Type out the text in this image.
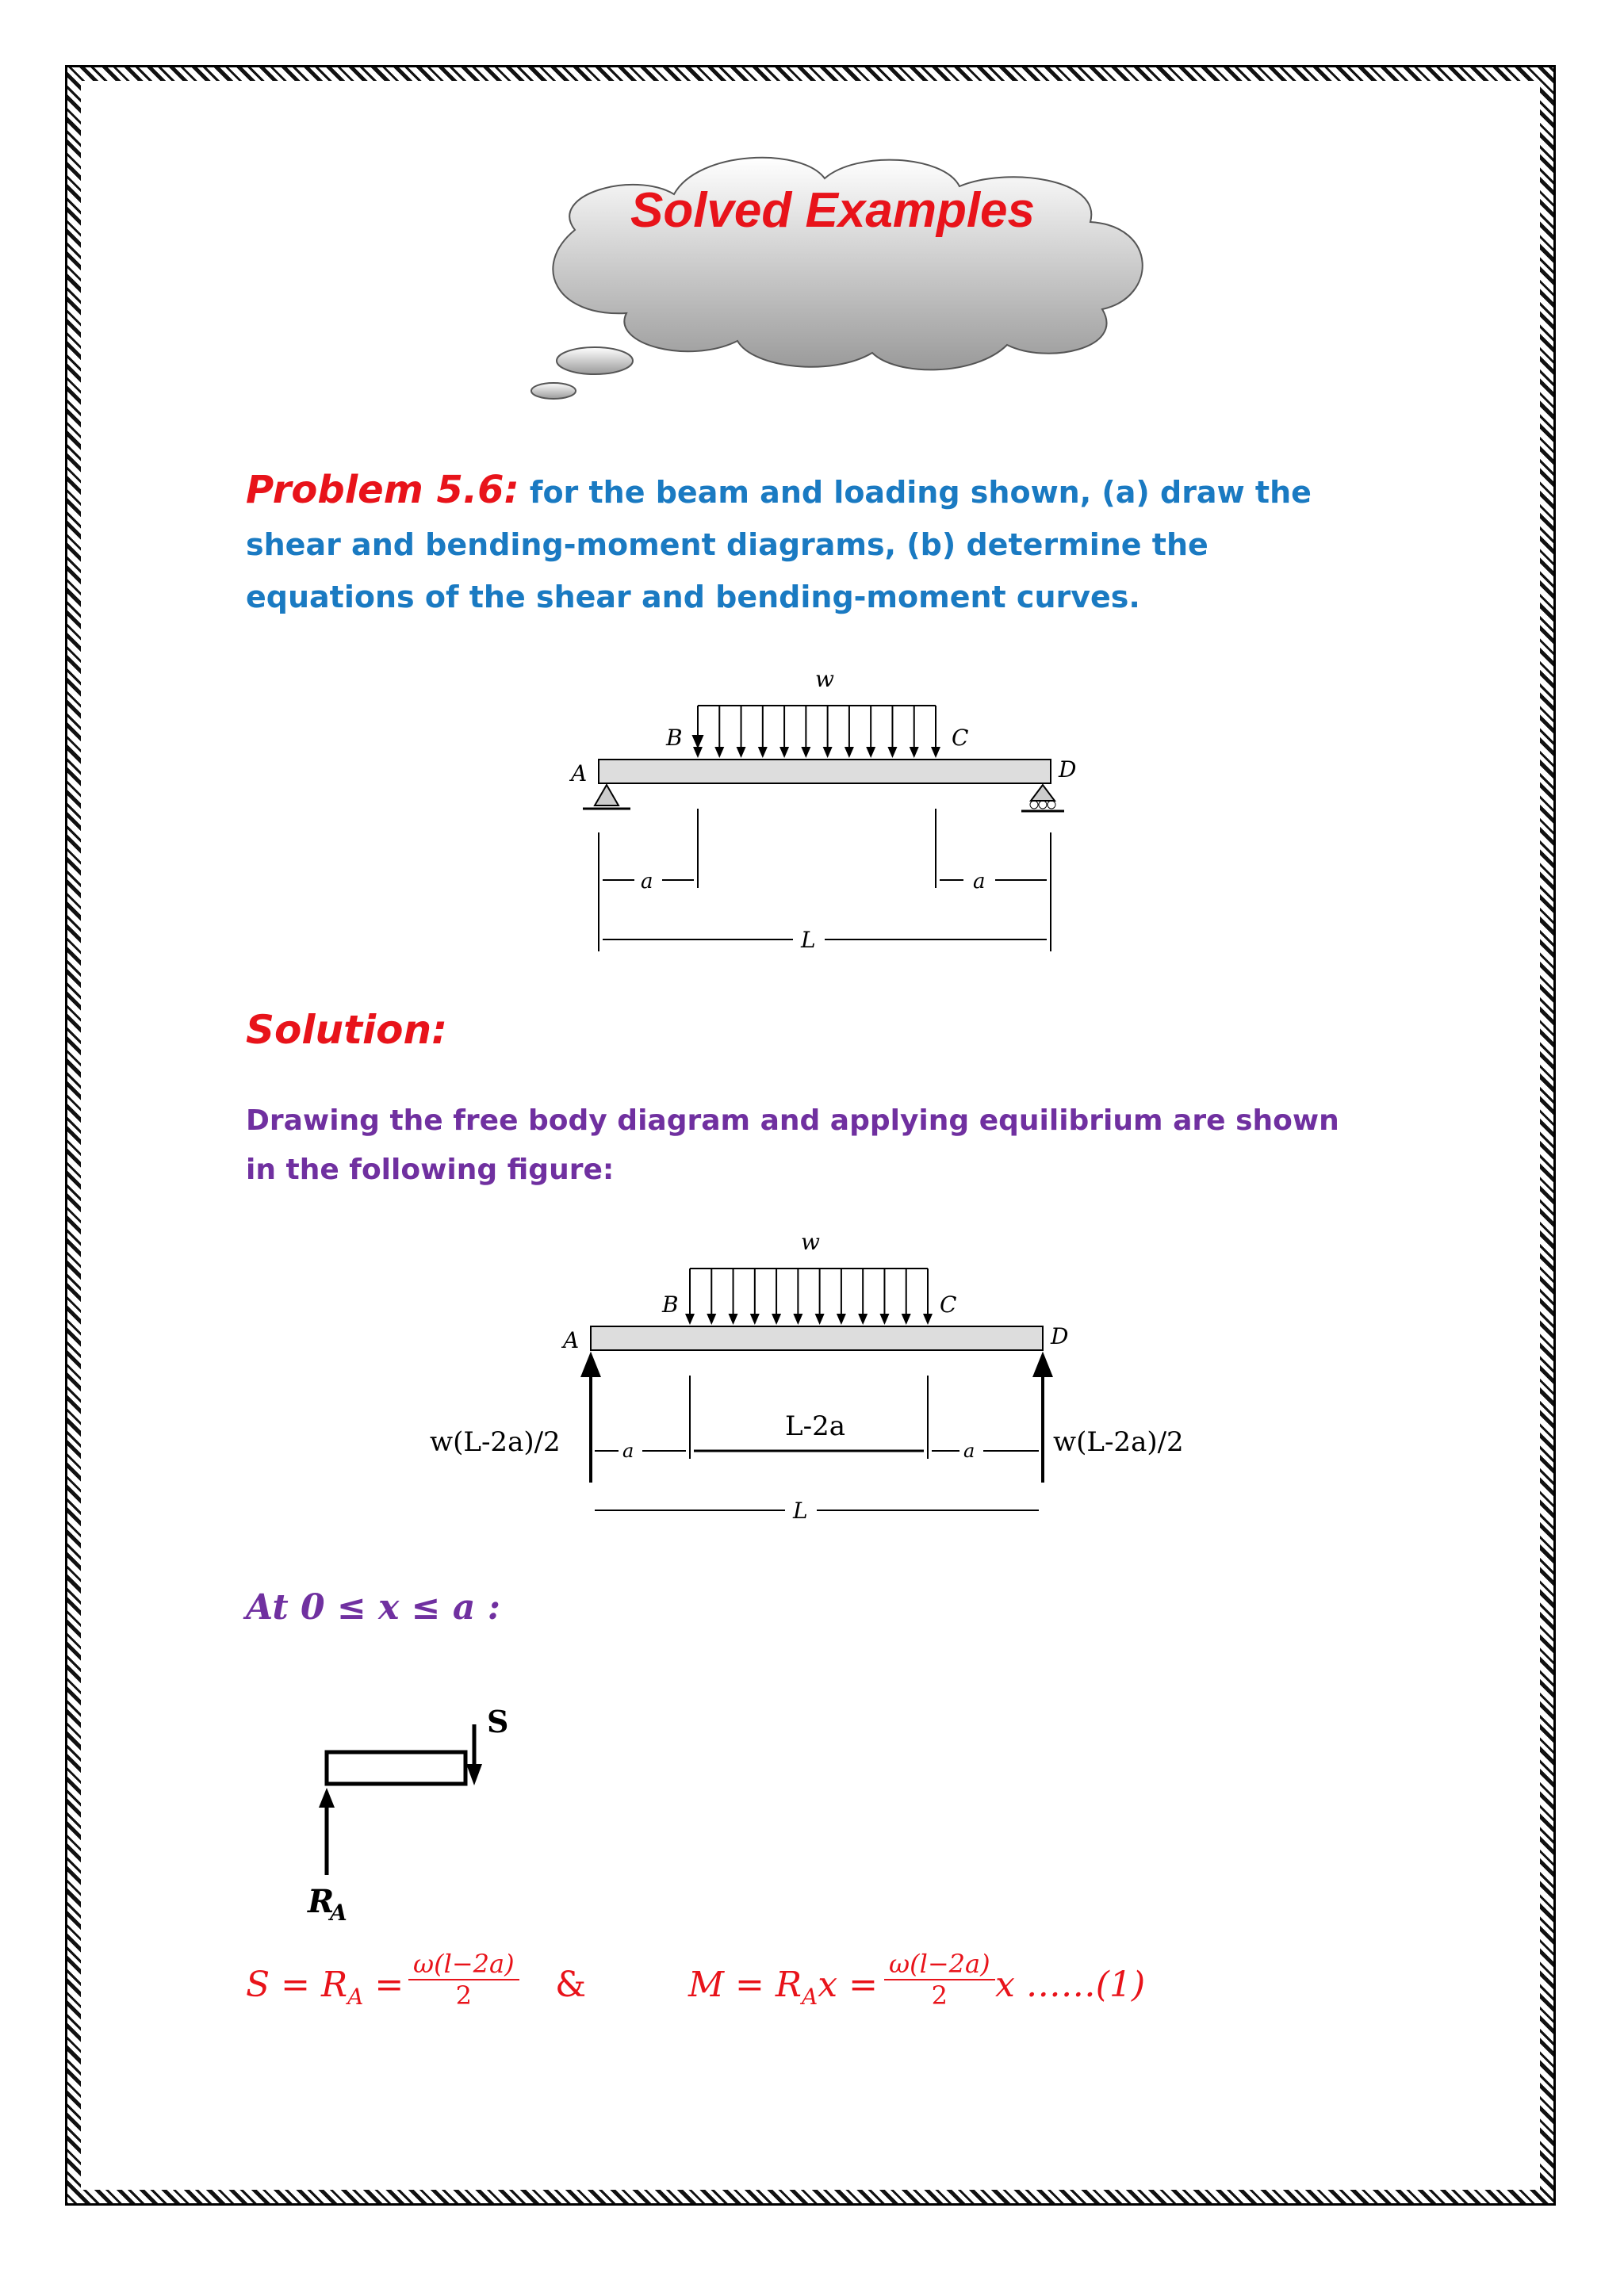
Solved Examples
Problem 5.6: for the beam and loading shown, (a) draw the shear and bending-moment diagrams, (b) determine the equations of the shear and bending-moment curves.
w
A
B	C
D
a	a
L
Solution:
Drawing the free body diagram and applying equilibrium are shown in the following figure:
w
A
B	C
D
w(L-2a)/2	w(L-2a)/2
a	a
L-2a
L
At 0 ≤ x ≤ a :
S
R
A
$S = R_A = \frac{\omega(l-2a)}{2}$ &	$M = R_Ax = \frac{\omega(l-2a)}{2}$ x ……(1)
